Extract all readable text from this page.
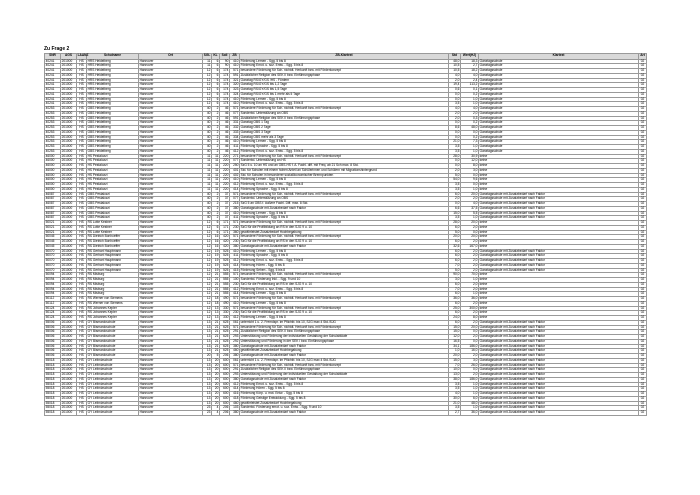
Zu Frage 2
SNR	AGS	LAANZ	Schulname	Ort	SGL	KL	Soll	ZB	ZB-Klartext	Std	Wert(HJ)	Klartext	Art
40241	201000	HS	HRS Heidelberg	Hannover	11	6	90	410	Förderung Lernen - Sgg. 5 bis 8	48,0	18,3	Ganztagsschule	02
40241	201000	HS	HRS Heidelberg	Hannover	11	6	90	410	Förderung Emot. u. soz. Entw. - Sgg. 5 bis 8	10,5	2,7	Ganztagsschule	02
40241	201000	HS	HRS Heidelberg	Hannover	12	6	174	571	besondere Förderung für Sch. nichtdt. Herkunft bzw. mit Förderkonzept	10,5	18,2	Ganztagsschule	02
40241	201000	HS	HRS Heidelberg	Hannover	12	6	174	591	Zusätzlicher Religion des SEK II bzw. Einführungsphase	4,0	4,0	Ganztagsschule	02
40241	201000	HS	HRS Heidelberg	Hannover	12	6	174	321	Ganztag RS/GY/GS /HS - Fördern	2,0	2,4	Ganztagsschule	02
40241	201000	HS	HRS Heidelberg	Hannover	12	6	174	320	Ganztag RS/GY/GS bis 1,2 Tage	19,4	113,2	Ganztagsschule	02
40241	201000	HS	HRS Heidelberg	Hannover	12	6	174	323	Ganztag RS/GY/GS bis 1,5 Tage	0,6	0,1	Ganztagsschule	02
40241	201000	HS	HRS Heidelberg	Hannover	12	6	174	324	Ganztag RS/GY/GS bis 1 mehr als 5 Tage	0,0	0,2	Ganztagsschule	02
40241	201000	HS	HRS Heidelberg	Hannover	12	6	174	410	Förderung Lernen - Sgg. 5 bis 8	0,0	1,0	Ganztagsschule	02
40241	201000	HS	HRS Heidelberg	Hannover	12	6	174	410	Förderung Emot. u. soz. Entw. - Sgg. 5 bis 8	3,5	1,0	Ganztagsschule	02
40253	201000	HS	OBS Heidelberg	Hannover	40	2	46	571	besondere Förderung für Sch. nichtdt. Herkunft bzw. mit Förderkonzept	4,0	4,0	Ganztagsschule	02
40253	201000	HS	OBS Heidelberg	Hannover	40	2	46	077	Sonderbd. Unterstützung an OBS	2,0	2,0	Ganztagsschule	02
40253	201000	HS	OBS Heidelberg	Hannover	40	2	46	591	Zusätzlicher Religion des SEK II bzw. Einführungsphase	2,0	0,3	Ganztagsschule	02
40253	201000	HS	OBS Heidelberg	Hannover	40	2	46	331	Ganztag OBS 1 Tag	0,0	0,2	Ganztagsschule	02
40253	201000	HS	OBS Heidelberg	Hannover	40	2	46	332	Ganztag OBS 2 Tage	8,6	48,0	Ganztagsschule	02
40253	201000	HS	OBS Heidelberg	Hannover	40	2	46	333	Ganztag OBS 3 Tage	0,0	0,0	Ganztagsschule	02
40253	201000	HS	OBS Heidelberg	Hannover	40	2	46	334	Ganztag OBS mehr als 3 Tage	0,0	0,2	Ganztagsschule	02
40253	201000	HS	OBS Heidelberg	Hannover	40	2	46	410	Förderung Lernen - Sgg. 5 bis 8	21,0	7,3	Ganztagsschule	02
40253	201000	HS	OBS Heidelberg	Hannover	40	2	46	411	Förderung Sprache - Sgg. 5 bis 8	3,5	1,0	Ganztagsschule	02
40253	201000	HS	OBS Heidelberg	Hannover	40	2	46	412	Förderung Emot. u. soz. Entw. - Sgg. 5 bis 8	3,5	1,0	Ganztagsschule	02
46000	201000	HS	HS Pestalozzi	Hannover	11	11	220	271	besondere Förderung für Sch. nichtdt. Herkunft bzw. mit Förderkonzept	28,0	30,9	keine	02
46000	201000	HS	HS Pestalozzi	Hannover	11	11	220	077	Sonderbd. Unterstützung an HS	0,0	12,0	keine	02
46000	201000	HS	HS Pestalozzi	Hannover	11	11	220	250	SzG 5 u. 10 an HS und an OBS-HS f. A. Fachl. diff. mit Freq. ab 21 Sch max. 8 Std.	0,0	8,0	keine	02
46000	201000	HS	HS Pestalozzi	Hannover	11	11	220	401	Std. für Schulen mit einem hohen Anteil an Schülerinnen und Schülern mit Migrationshintergrund	2,0	3,0	keine	02
46000	201000	HS	HS Pestalozzi	Hannover	11	11	220	402	Std. für Schulen in besonderer sozialökonomischer Brennpunkten	5,0	0,0	keine	02
46000	201000	HS	HS Pestalozzi	Hannover	11	11	220	410	Förderung Lernen - Sgg. 5 bis 8	54,0	9,6	keine	02
46000	201000	HS	HS Pestalozzi	Hannover	11	11	220	412	Förderung Emot. u. soz. Entw. - Sgg. 5 bis 8	3,5	0,0	keine	02
46000	201000	HS	HS Pestalozzi	Hannover	11	11	220	414	Förderung Sprache - Sgg. 5 bis 8	3,5	1,0	keine	02
46087	201000	HS	OBS Pestalozzi	Hannover	40	2	37	571	besondere Förderung für Sch. nichtdt. Herkunft bzw. mit Förderkonzept	6,0	20,0	Ganztagsschule mit Zusatzbedarf nach Faktor	02
46087	201000	HS	OBS Pestalozzi	Hannover	40	2	37	077	Sonderbd. Unterstützung an OBS	2,0	2,0	Ganztagsschule mit Zusatzbedarf nach Faktor	02
46087	201000	HS	OBS Pestalozzi	Hannover	40	2	37	215	SzG 5 an OBS f. äußere Fachl. Diff. max. 8 Std.	0,0	4,0	Ganztagsschule mit Zusatzbedarf nach Faktor	02
46087	201000	HS	OBS Pestalozzi	Hannover	40	2	37	380	Ganztagsschule mit Zusatzbedarf nach Faktor	6,6	37,5	Ganztagsschule mit Zusatzbedarf nach Faktor	02
46087	201000	HS	OBS Pestalozzi	Hannover	40	2	37	410	Förderung Lernen - Sgg. 5 bis 8	15,0	5,5	Ganztagsschule mit Zusatzbedarf nach Faktor	02
46087	201000	HS	OBS Pestalozzi	Hannover	40	2	37	411	Förderung Sprache - Sgg. 5 bis 8	3,5	1,0	Ganztagsschule mit Zusatzbedarf nach Faktor	02
50021	201000	HS	RS Lotte Kestner	Hannover	12	6	171	571	besondere Förderung für Sch. nichtdt. Herkunft bzw. mit Förderkonzept	28,0	20,0	keine	02
50021	201000	HS	RS Lotte Kestner	Hannover	12	6	171	230	SzG für die Profilbildung an RS in den SJG 9 u. 10	6,0	2,0	keine	02
50021	201000	HS	RS Lotte Kestner	Hannover	12	6	171	360	gewährleistet Zusatzbedarf Hochbegabung	5,0	0,0	keine	02
50045	201000	HS	RS Dietrich Bonhoeffer	Hannover	12	16	420	571	besondere Förderung für Sch. nichtdt. Herkunft bzw. mit Förderkonzept	20,0	20,0	keine	02
50045	201000	HS	RS Dietrich Bonhoeffer	Hannover	12	16	420	230	SzG für die Profilbildung an RS in den SJG 9 u. 10	6,0	2,0	keine	02
50045	201000	HS	RS Dietrich Bonhoeffer	Hannover	12	16	420	380	Ganztagsschule mit Zusatzbedarf nach Faktor	32,6	167,0	keine	02
50070	201000	HS	RS Gerhart Hauptmann	Hannover	12	19	525	410	Förderung Lernen - Sgg. 5 bis 8	6,0	2,0	Ganztagsschule mit Zusatzbedarf nach Faktor	02
50070	201000	HS	RS Gerhart Hauptmann	Hannover	12	19	525	411	Förderung Sprache - Sgg. 5 bis 8	6,0	2,0	Ganztagsschule mit Zusatzbedarf nach Faktor	02
50070	201000	HS	RS Gerhart Hauptmann	Hannover	12	19	525	412	Förderung Emot. u. soz. Entw. - Sgg. 5 bis 8	6,0	2,0	Ganztagsschule mit Zusatzbedarf nach Faktor	02
50070	201000	HS	RS Gerhart Hauptmann	Hannover	12	19	525	414	Förderung Hören - Sgg. 5 bis 8	7,0	2,0	Ganztagsschule mit Zusatzbedarf nach Faktor	02
50070	201000	HS	RS Gerhart Hauptmann	Hannover	12	19	525	415	Förderung Sehen - Sgg. 5 bis 8	5,0	2,0	Ganztagsschule mit Zusatzbedarf nach Faktor	02
50094	201000	HS	RS Misburg	Hannover	12	21	555	571	besondere Förderung für Sch. nichtdt. Herkunft bzw. mit Förderkonzept	90,0	70,0	keine	02
50094	201000	HS	RS Misburg	Hannover	12	21	555	100	Sonderbd. Förderung Inkl. - Sgg. 9 und 10	3,0	1,0	keine	02
50094	201000	HS	RS Misburg	Hannover	12	21	555	230	SzG für die Profilbildung an RS in den SJG 9 u. 10	6,0	2,0	keine	02
50094	201000	HS	RS Misburg	Hannover	12	21	555	412	Förderung Emot. u. soz. Entw. - Sgg. 5 bis 8	7,0	2,0	keine	02
50094	201000	HS	RS Misburg	Hannover	12	21	555	414	Förderung Lernen - Sgg. 5 bis 8	6,0	1,0	keine	02
50112	201000	HS	RS Werner von Siemens	Hannover	12	18	490	571	besondere Förderung für Sch. nichtdt. Herkunft bzw. mit Förderkonzept	36,0	36,0	keine	02
50112	201000	HS	RS Werner von Siemens	Hannover	12	18	490	410	Förderung Lernen - Sgg. 5 bis 8	6,0	2,0	keine	02
50124	201000	HS	RS Johannes Kepler	Hannover	12	13	330	571	besondere Förderung für Sch. nichtdt. Herkunft bzw. mit Förderkonzept	25,0	300,0	keine	02
50124	201000	HS	RS Johannes Kepler	Hannover	12	13	330	230	SzG für die Profilbildung an RS in den SJG 9 u. 10	6,0	2,0	keine	02
50124	201000	HS	RS Johannes Kepler	Hannover	12	13	330	412	Förderung Lernen - Sgg. 5 bis 8	24,0	8,0	keine	02
55006	201000	HS	GY Bismarckschule	Hannover	13	21	625	061	unterricht 1 u. 2. Fremdspr. im Pflichtb. bis 10, SJG max 4 Std./SJG	6,0	2,0	Ganztagsschule mit Zusatzbedarf nach Faktor	02
55006	201000	HS	GY Bismarckschule	Hannover	13	21	625	571	besondere Förderung für Sch. nichtdt. Herkunft bzw. mit Förderkonzept	15,0	20,0	Ganztagsschule mit Zusatzbedarf nach Faktor	02
55006	201000	HS	GY Bismarckschule	Hannover	13	21	625	291	Zusätzlicher Religion des SEK II bzw. Einführungsphase	15,0	0,0	Ganztagsschule mit Zusatzbedarf nach Faktor	02
55006	201000	HS	GY Bismarckschule	Hannover	13	21	625	293	Unterstützung und Förderung der individuellen Gestaltung der Schulabläufe	12,0	2,0	Ganztagsschule mit Zusatzbedarf nach Faktor	02
55006	201000	HS	GY Bismarckschule	Hannover	13	21	625	292	Unterstützung und Förderung in der SEK I bzw. Einführungsphase	16,5	0,0	Ganztagsschule mit Zusatzbedarf nach Faktor	02
55006	201000	HS	GY Bismarckschule	Hannover	13	21	625	380	Ganztagsschule mit Zusatzbedarf nach Faktor	34,1	186,0	Ganztagsschule mit Zusatzbedarf nach Faktor	02
55006	201000	HS	GY Bismarckschule	Hannover	13	21	625	460	gewährleistet Zusatzbedarf Hochbegabung	1,0	16,0	Ganztagsschule mit Zusatzbedarf nach Faktor	02
55006	201000	HS	GY Bismarckschule	Hannover	20	5	206	380	Ganztagsschule mit Zusatzbedarf nach Faktor	20,0	2,0	Ganztagsschule mit Zusatzbedarf nach Faktor	02
55018	201000	HS	GY Leibnizschule	Hannover	13	20	600	061	unterricht 1 u. 2. Fremdspr. im Pflichtb. bis 10, SJG max 4 Std./SJG	15,0	3,0	Ganztagsschule mit Zusatzbedarf nach Faktor	02
55018	201000	HS	GY Leibnizschule	Hannover	13	20	600	571	besondere Förderung für Sch. nichtdt. Herkunft bzw. mit Förderkonzept	7,0	26,0	Ganztagsschule mit Zusatzbedarf nach Faktor	02
55018	201000	HS	GY Leibnizschule	Hannover	13	20	600	291	Zusätzlicher Religion des SEK II bzw. Einführungsphase	10,0	0,0	Ganztagsschule mit Zusatzbedarf nach Faktor	02
55018	201000	HS	GY Leibnizschule	Hannover	13	20	600	293	Unterstützung und Förderung der individuellen Gestaltung der Schulabläufe	13,0	2,0	Ganztagsschule mit Zusatzbedarf nach Faktor	02
55018	201000	HS	GY Leibnizschule	Hannover	13	20	600	380	Ganztagsschule mit Zusatzbedarf nach Faktor	38,0	186,0	Ganztagsschule mit Zusatzbedarf nach Faktor	02
55018	201000	HS	GY Leibnizschule	Hannover	13	20	600	412	Förderung Emot. u. soz. Entw. - Sgg. 5 bis 8	3,5	1,0	Ganztagsschule mit Zusatzbedarf nach Faktor	02
55018	201000	HS	GY Leibnizschule	Hannover	13	20	600	414	Förderung Hören - Sgg. 5 bis 8	3,5	1,0	Ganztagsschule mit Zusatzbedarf nach Faktor	02
55018	201000	HS	GY Leibnizschule	Hannover	13	20	600	416	Förderung Körp. u. mot. Entw. - Sgg. 5 bis 8	4,0	1,0	Ganztagsschule mit Zusatzbedarf nach Faktor	02
55018	201000	HS	GY Leibnizschule	Hannover	13	20	600	418	Förderung Geistige Entwicklung - Sgg. 5 bis 8	30,0	6,0	Ganztagsschule mit Zusatzbedarf nach Faktor	02
55018	201000	HS	GY Leibnizschule	Hannover	13	20	600	460	gewährleistet Zusatzbedarf Hochbegabung	21,0	48,0	Ganztagsschule mit Zusatzbedarf nach Faktor	02
55018	201000	HS	GY Leibnizschule	Hannover	23	4	206	103	Sonderbd. Förderung emot. u. soz. Entw. - Sgg. 9 und 10	3,5	1,0	Ganztagsschule mit Zusatzbedarf nach Faktor	02
55018	201000	HS	GY Leibnizschule	Hannover	23	4	206	380	Ganztagsschule mit Zusatzbedarf nach Faktor	2,7	36,0	Ganztagsschule mit Zusatzbedarf nach Faktor	02
